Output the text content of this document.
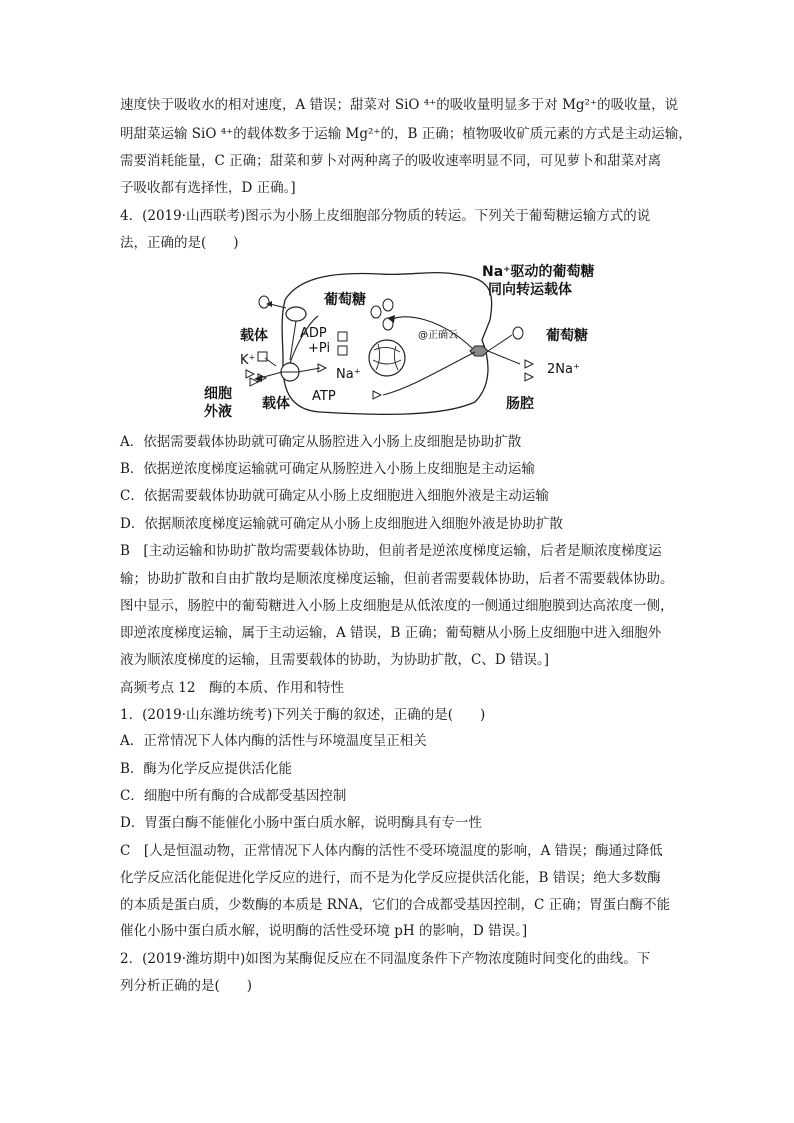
速度快于吸收水的相对速度，A 错误；甜菜对 SiO ⁴⁺的吸收量明显多于对 Mg²⁺的吸收量，说
明甜菜运输 SiO ⁴⁺的载体数多于运输 Mg²⁺的，B 正确；植物吸收矿质元素的方式是主动运输，
需要消耗能量，C 正确；甜菜和萝卜对两种离子的吸收速率明显不同，可见萝卜和甜菜对离
子吸收都有选择性，D 正确。]
4．(2019·山西联考)图示为小肠上皮细胞部分物质的转运。下列关于葡萄糖运输方式的说
法，正确的是(　　)
Na⁺驱动的葡萄糖
同向转运载体
葡萄糖
葡萄糖
载体
载体
ADP
+Pi
ATP
K⁺
Na⁺	2Na⁺
细胞
外液	肠腔
@正确云
A．依据需要载体协助就可确定从肠腔进入小肠上皮细胞是协助扩散
B．依据逆浓度梯度运输就可确定从肠腔进入小肠上皮细胞是主动运输
C．依据需要载体协助就可确定从小肠上皮细胞进入细胞外液是主动运输
D．依据顺浓度梯度运输就可确定从小肠上皮细胞进入细胞外液是协助扩散
B　[主动运输和协助扩散均需要载体协助，但前者是逆浓度梯度运输，后者是顺浓度梯度运
输；协助扩散和自由扩散均是顺浓度梯度运输，但前者需要载体协助，后者不需要载体协助。
图中显示，肠腔中的葡萄糖进入小肠上皮细胞是从低浓度的一侧通过细胞膜到达高浓度一侧，
即逆浓度梯度运输，属于主动运输，A 错误，B 正确；葡萄糖从小肠上皮细胞中进入细胞外
液为顺浓度梯度的运输，且需要载体的协助，为协助扩散，C、D 错误。]
高频考点 12　酶的本质、作用和特性
1．(2019·山东潍坊统考)下列关于酶的叙述，正确的是(　　)
A．正常情况下人体内酶的活性与环境温度呈正相关
B．酶为化学反应提供活化能
C．细胞中所有酶的合成都受基因控制
D．胃蛋白酶不能催化小肠中蛋白质水解，说明酶具有专一性
C　[人是恒温动物，正常情况下人体内酶的活性不受环境温度的影响，A 错误；酶通过降低
化学反应活化能促进化学反应的进行，而不是为化学反应提供活化能，B 错误；绝大多数酶
的本质是蛋白质，少数酶的本质是 RNA，它们的合成都受基因控制，C 正确；胃蛋白酶不能
催化小肠中蛋白质水解，说明酶的活性受环境 pH 的影响，D 错误。]
2．(2019·潍坊期中)如图为某酶促反应在不同温度条件下产物浓度随时间变化的曲线。下
列分析正确的是(　　)
